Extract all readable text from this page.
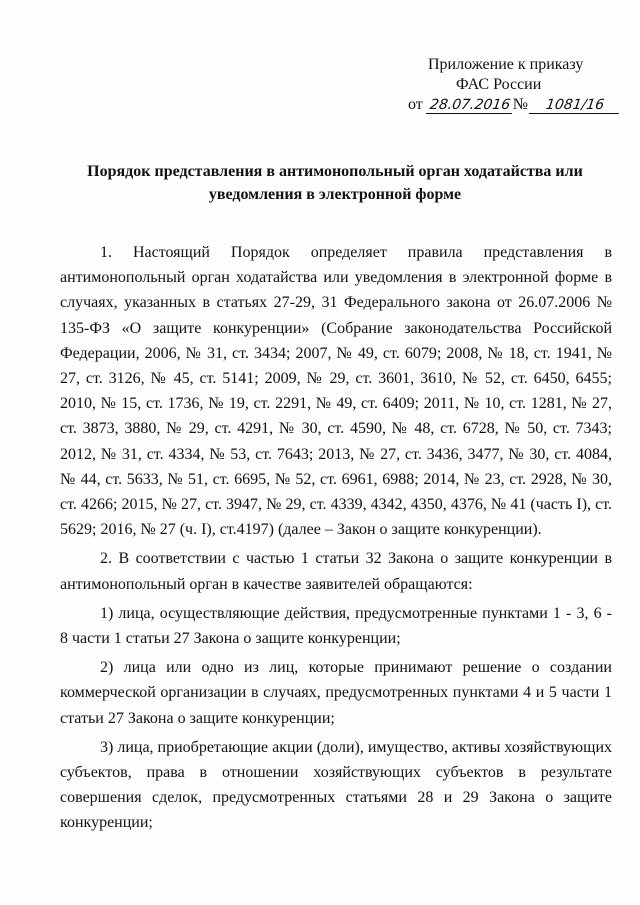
Приложение к приказу
ФАС России
от 28.07.2016 № 1081/16
Порядок представления в антимонопольный орган ходатайства или
уведомления в электронной форме

1. Настоящий Порядок определяет правила представления в антимонопольный орган ходатайства или уведомления в электронной форме в случаях, указанных в статьях 27-29, 31 Федерального закона от 26.07.2006 № 135-ФЗ «О защите конкуренции» (Собрание законодательства Российской Федерации, 2006, № 31, ст. 3434; 2007, № 49, ст. 6079; 2008, № 18, ст. 1941, № 27, ст. 3126, № 45, ст. 5141; 2009, № 29, ст. 3601, 3610, № 52, ст. 6450, 6455; 2010, № 15, ст. 1736, № 19, ст. 2291, № 49, ст. 6409; 2011, № 10, ст. 1281, № 27, ст. 3873, 3880, № 29, ст. 4291, № 30, ст. 4590, № 48, ст. 6728, № 50, ст. 7343; 2012, № 31, ст. 4334, № 53, ст. 7643; 2013, № 27, ст. 3436, 3477, № 30, ст. 4084, № 44, ст. 5633, № 51, ст. 6695, № 52, ст. 6961, 6988; 2014, № 23, ст. 2928, № 30, ст. 4266; 2015, № 27, ст. 3947, № 29, ст. 4339, 4342, 4350, 4376, № 41 (часть I), ст. 5629; 2016, № 27 (ч. I), ст.4197) (далее – Закон о защите конкуренции).

2. В соответствии с частью 1 статьи 32 Закона о защите конкуренции в антимонопольный орган в качестве заявителей обращаются:

1) лица, осуществляющие действия, предусмотренные пунктами 1 - 3, 6 - 8 части 1 статьи 27 Закона о защите конкуренции;

2) лица или одно из лиц, которые принимают решение о создании коммерческой организации в случаях, предусмотренных пунктами 4 и 5 части 1 статьи 27 Закона о защите конкуренции;

3) лица, приобретающие акции (доли), имущество, активы хозяйствующих субъектов, права в отношении хозяйствующих субъектов в результате совершения сделок, предусмотренных статьями 28 и 29 Закона о защите конкуренции;
